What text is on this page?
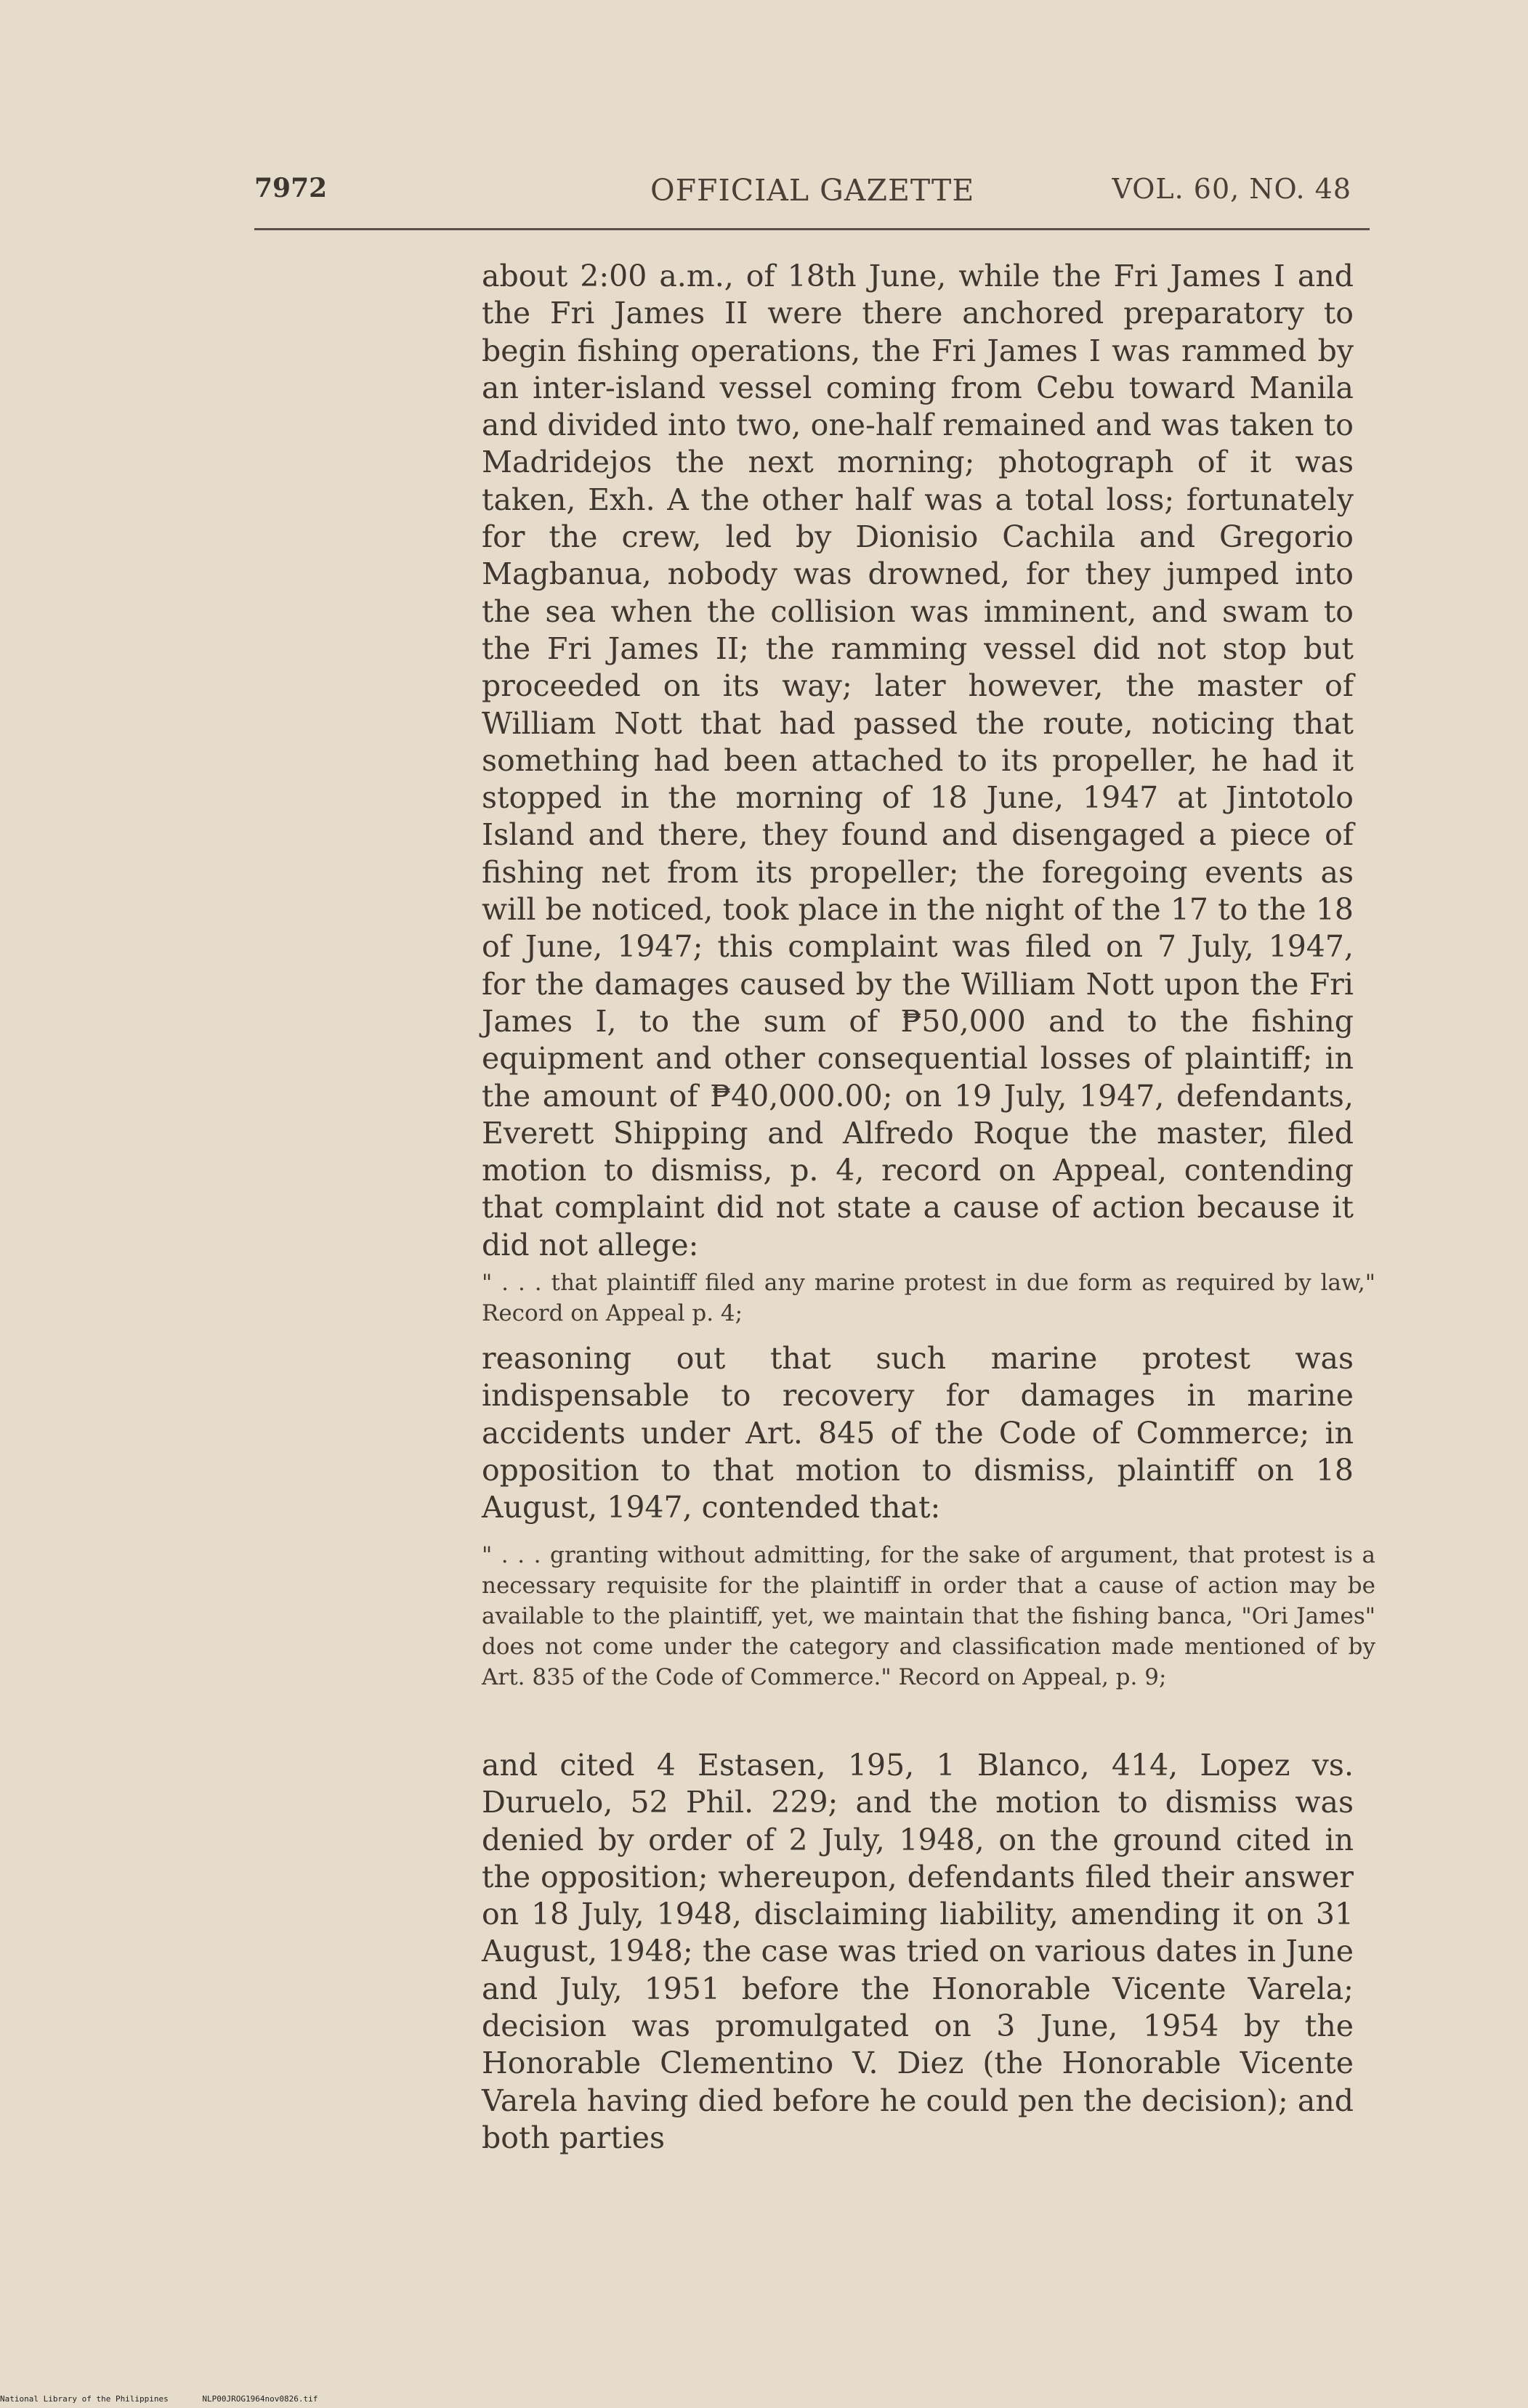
7972	OFFICIAL GAZETTE	VOL. 60, NO. 48

about 2:00 a.m., of 18th June, while the Fri James I and the Fri James II were there anchored preparatory to begin fishing operations, the Fri James I was rammed by an inter-island vessel coming from Cebu toward Manila and divided into two, one-half remained and was taken to Madridejos the next morning; photograph of it was taken, Exh. A the other half was a total loss; fortunately for the crew, led by Dionisio Cachila and Gregorio Magbanua, nobody was drowned, for they jumped into the sea when the collision was imminent, and swam to the Fri James II; the ramming vessel did not stop but proceeded on its way; later however, the master of William Nott that had passed the route, noticing that something had been attached to its propeller, he had it stopped in the morning of 18 June, 1947 at Jintotolo Island and there, they found and disengaged a piece of fishing net from its propeller; the foregoing events as will be noticed, took place in the night of the 17 to the 18 of June, 1947; this complaint was filed on 7 July, 1947, for the damages caused by the William Nott upon the Fri James I, to the sum of ₱50,000 and to the fishing equipment and other consequential losses of plaintiff; in the amount of ₱40,000.00; on 19 July, 1947, defendants, Everett Shipping and Alfredo Roque the master, filed motion to dismiss, p. 4, record on Appeal, contending that complaint did not state a cause of action because it did not allege:

" . . . that plaintiff filed any marine protest in due form as required by law," Record on Appeal p. 4;

reasoning out that such marine protest was indispensable to recovery for damages in marine accidents under Art. 845 of the Code of Commerce; in opposition to that motion to dismiss, plaintiff on 18 August, 1947, contended that:

" . . . granting without admitting, for the sake of argument, that protest is a necessary requisite for the plaintiff in order that a cause of action may be available to the plaintiff, yet, we maintain that the fishing banca, "Ori James" does not come under the category and classification made mentioned of by Art. 835 of the Code of Commerce." Record on Appeal, p. 9;

and cited 4 Estasen, 195, 1 Blanco, 414, Lopez vs. Duruelo, 52 Phil. 229; and the motion to dismiss was denied by order of 2 July, 1948, on the ground cited in the opposition; whereupon, defendants filed their answer on 18 July, 1948, disclaiming liability, amending it on 31 August, 1948; the case was tried on various dates in June and July, 1951 before the Honorable Vicente Varela; decision was promulgated on 3 June, 1954 by the Honorable Clementino V. Diez (the Honorable Vicente Varela having died before he could pen the decision); and both parties

National Library of the Philippines	NLP00JROG1964nov0826.tif
